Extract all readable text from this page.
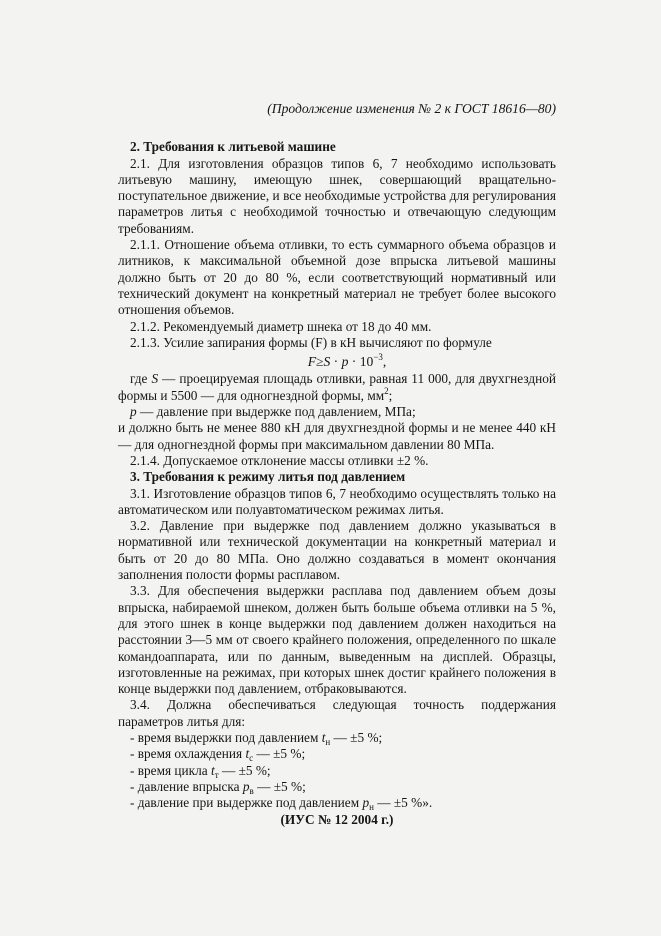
(Продолжение изменения № 2 к ГОСТ 18616—80)

2. Требования к литьевой машине

2.1. Для изготовления образцов типов 6, 7 необходимо использовать литьевую машину, имеющую шнек, совершающий вращательно-поступательное движение, и все необходимые устройства для регулирования параметров литья с необходимой точностью и отвечающую следующим требованиям.

2.1.1. Отношение объема отливки, то есть суммарного объема образцов и литников, к максимальной объемной дозе впрыска литьевой машины должно быть от 20 до 80 %, если соответствующий нормативный или технический документ на конкретный материал не требует более высокого отношения объемов.

2.1.2. Рекомендуемый диаметр шнека от 18 до 40 мм.

2.1.3. Усилие запирания формы (F) в кН вычисляют по формуле

$F\ge S \cdot p \cdot 10^{-3}$,

где S — проецируемая площадь отливки, равная 11 000, для двухгнездной формы и 5500 — для одногнездной формы, $мм^2$;

p — давление при выдержке под давлением, МПа;

и должно быть не менее 880 кН для двухгнездной формы и не менее 440 кН — для одногнездной формы при максимальном давлении 80 МПа.

2.1.4. Допускаемое отклонение массы отливки ±2 %.

3. Требования к режиму литья под давлением

3.1. Изготовление образцов типов 6, 7 необходимо осуществлять только на автоматическом или полуавтоматическом режимах литья.

3.2. Давление при выдержке под давлением должно указываться в нормативной или технической документации на конкретный материал и быть от 20 до 80 МПа. Оно должно создаваться в момент окончания заполнения полости формы расплавом.

3.3. Для обеспечения выдержки расплава под давлением объем дозы впрыска, набираемой шнеком, должен быть больше объема отливки на 5 %, для этого шнек в конце выдержки под давлением должен находиться на расстоянии 3—5 мм от своего крайнего положения, определенного по шкале командоаппарата, или по данным, выведенным на дисплей. Образцы, изготовленные на режимах, при которых шнек достиг крайнего положения в конце выдержки под давлением, отбраковываются.

3.4. Должна обеспечиваться следующая точность поддержания параметров литья для:

- время выдержки под давлением $t_н$ — ±5 %;
- время охлаждения $t_с$ — ±5 %;
- время цикла $t_т$ — ±5 %;
- давление впрыска $p_в$ — ±5 %;
- давление при выдержке под давлением $p_н$ — ±5 %».

(ИУС № 12 2004 г.)
